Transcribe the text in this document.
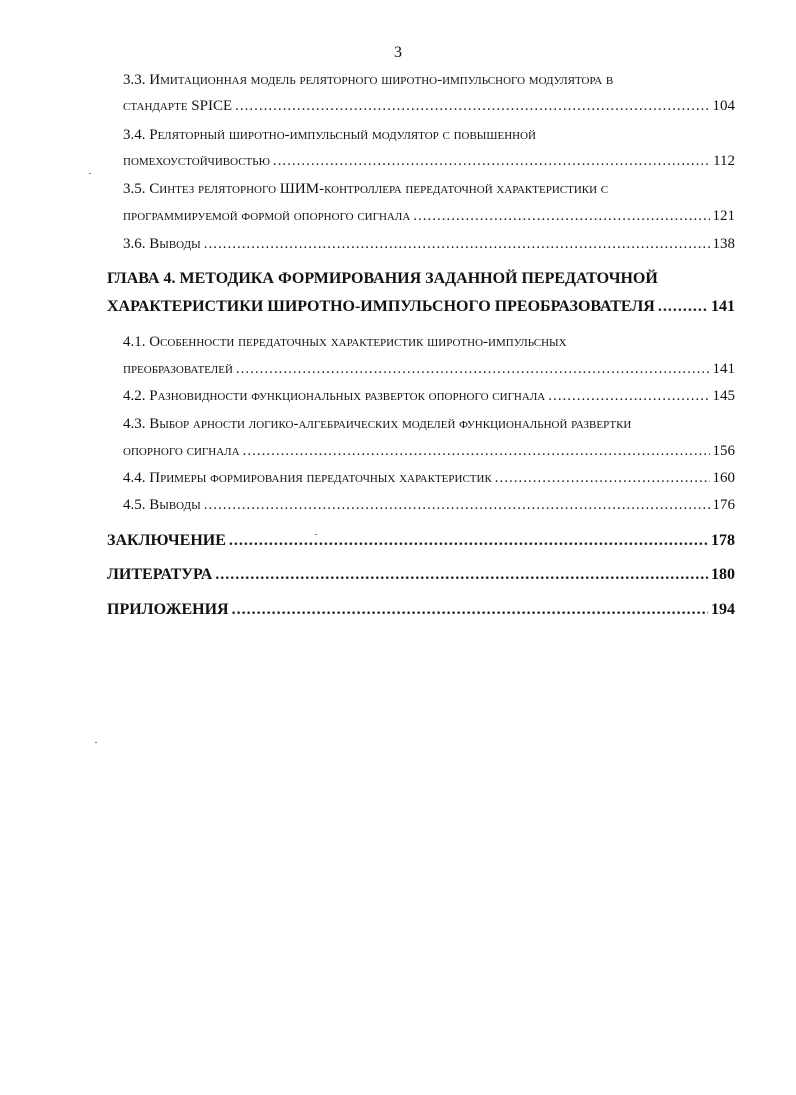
3
3.3. Имитационная модель реляторного широтно-импульсного модулятора в
стандарте SPICE .....	104
3.4. Реляторный широтно-импульсный модулятор с повышенной
помехоустойчивостью .....	112
3.5. Синтез реляторного ШИМ-контроллера передаточной характеристики с
программируемой формой опорного сигнала .....	121
3.6. Выводы .....	138
ГЛАВА 4. МЕТОДИКА ФОРМИРОВАНИЯ ЗАДАННОЙ ПЕРЕДАТОЧНОЙ
ХАРАКТЕРИСТИКИ ШИРОТНО-ИМПУЛЬСНОГО ПРЕОБРАЗОВАТЕЛЯ .....	141
4.1. Особенности передаточных характеристик широтно-импульсных
преобразователей .....	141
4.2. Разновидности функциональных разверток опорного сигнала .....	145
4.3. Выбор арности логико-алгебраических моделей функциональной развертки
опорного сигнала .....	156
4.4. Примеры формирования передаточных характеристик .....	160
4.5. Выводы .....	176
ЗАКЛЮЧЕНИЕ .....	178
ЛИТЕРАТУРА .....	180
ПРИЛОЖЕНИЯ .....	194
